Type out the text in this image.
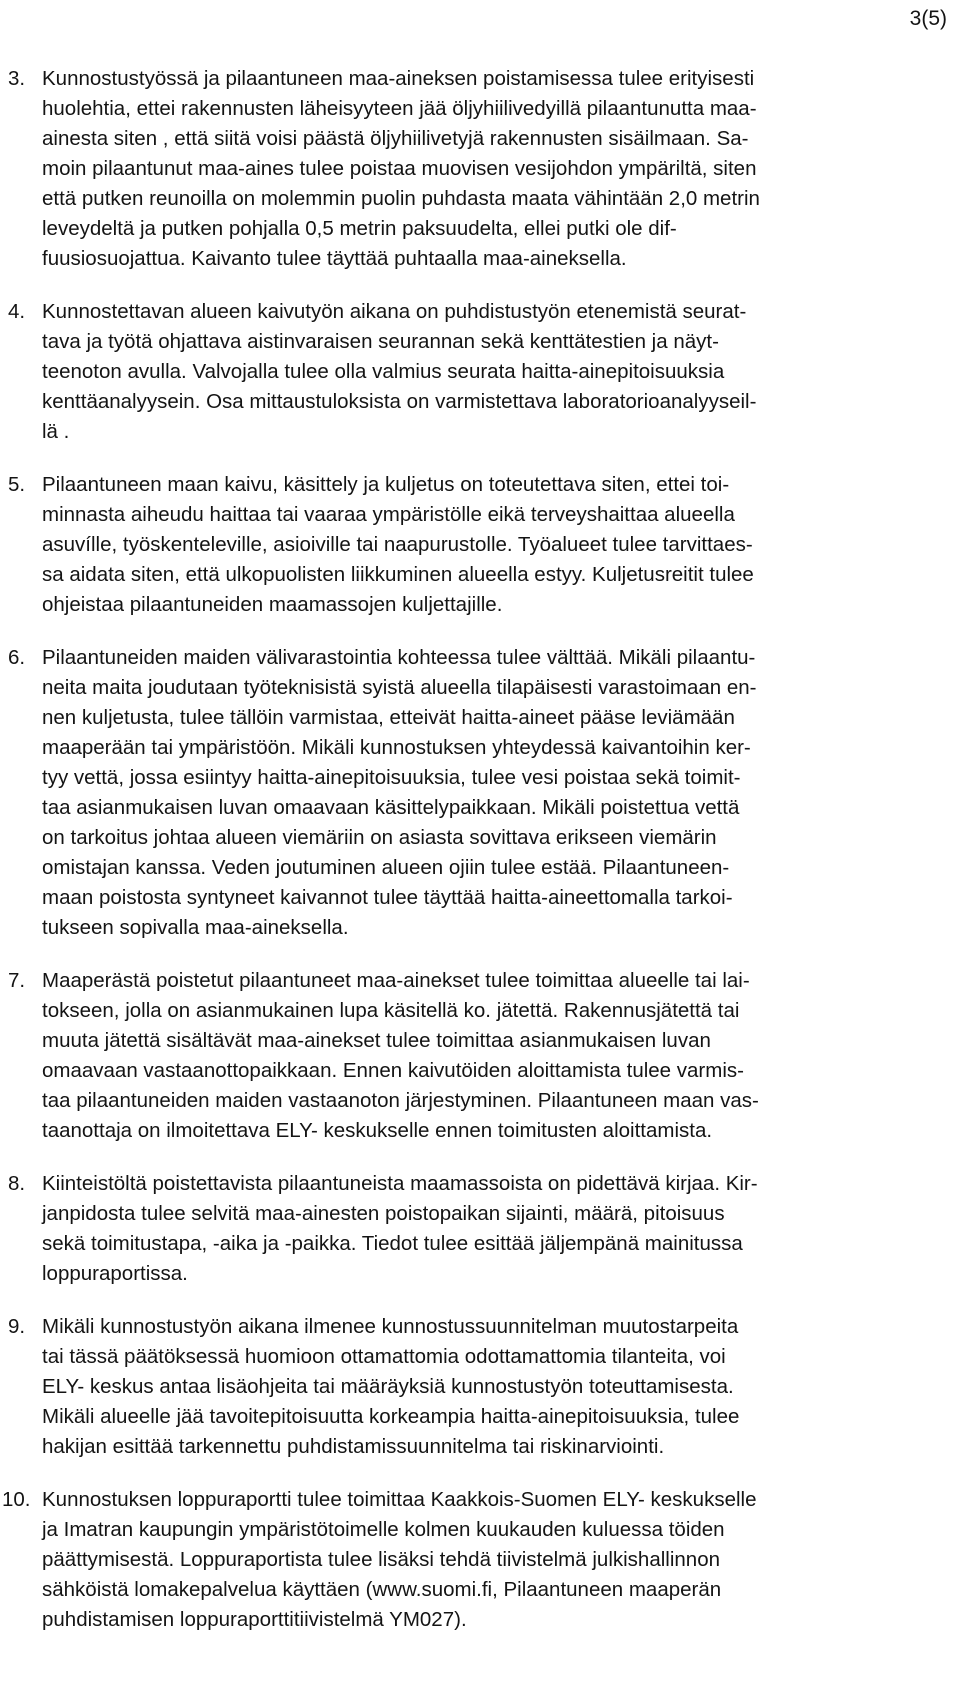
3(5)
3. Kunnostustyössä ja pilaantuneen maa-aineksen poistamisessa tulee erityisesti
huolehtia, ettei rakennusten läheisyyteen jää öljyhiilivedyillä pilaantunutta maa-
ainesta siten , että siitä voisi päästä öljyhiilivetyjä rakennusten sisäilmaan. Sa-
moin pilaantunut maa-aines tulee poistaa muovisen vesijohdon ympäriltä, siten
että putken reunoilla on molemmin puolin puhdasta maata vähintään 2,0 metrin
leveydeltä ja putken pohjalla 0,5 metrin paksuudelta, ellei putki ole dif-
fuusiosuojattua. Kaivanto tulee täyttää puhtaalla maa-aineksella.
4. Kunnostettavan alueen kaivutyön aikana on puhdistustyön etenemistä seurat-
tava ja työtä ohjattava aistinvaraisen seurannan sekä kenttätestien ja näyt-
teenoton avulla. Valvojalla tulee olla valmius seurata haitta-ainepitoisuuksia
kenttäanalyysein. Osa mittaustuloksista on varmistettava laboratorioanalyyseil-
lä .
5. Pilaantuneen maan kaivu, käsittely ja kuljetus on toteutettava siten, ettei toi-
minnasta aiheudu haittaa tai vaaraa ympäristölle eikä terveyshaittaa alueella
asuvílle, työskenteleville, asioiville tai naapurustolle. Työalueet tulee tarvittaes-
sa aidata siten, että ulkopuolisten liikkuminen alueella estyy. Kuljetusreitit tulee
ohjeistaa pilaantuneiden maamassojen kuljettajille.
6. Pilaantuneiden maiden välivarastointia kohteessa tulee välttää. Mikäli pilaantu-
neita maita joudutaan työteknisistä syistä alueella tilapäisesti varastoimaan en-
nen kuljetusta, tulee tällöin varmistaa, etteivät haitta-aineet pääse leviämään
maaperään tai ympäristöön. Mikäli kunnostuksen yhteydessä kaivantoihin ker-
tyy vettä, jossa esiintyy haitta-ainepitoisuuksia, tulee vesi poistaa sekä toimit-
taa asianmukaisen luvan omaavaan käsittelypaikkaan. Mikäli poistettua vettä
on tarkoitus johtaa alueen viemäriin on asiasta sovittava erikseen viemärin
omistajan kanssa. Veden joutuminen alueen ojiin tulee estää. Pilaantuneen-
maan poistosta syntyneet kaivannot tulee täyttää haitta-aineettomalla tarkoi-
tukseen sopivalla maa-aineksella.
7. Maaperästä poistetut pilaantuneet maa-ainekset tulee toimittaa alueelle tai lai-
tokseen, jolla on asianmukainen lupa käsitellä ko. jätettä. Rakennusjätettä tai
muuta jätettä sisältävät maa-ainekset tulee toimittaa asianmukaisen luvan
omaavaan vastaanottopaikkaan. Ennen kaivutöiden aloittamista tulee varmis-
taa pilaantuneiden maiden vastaanoton järjestyminen. Pilaantuneen maan vas-
taanottaja on ilmoitettava ELY- keskukselle ennen toimitusten aloittamista.
8. Kiinteistöltä poistettavista pilaantuneista maamassoista on pidettävä kirjaa. Kir-
janpidosta tulee selvitä maa-ainesten poistopaikan sijainti, määrä, pitoisuus
sekä toimitustapa, -aika ja -paikka. Tiedot tulee esittää jäljempänä mainitussa
loppuraportissa.
9. Mikäli kunnostustyön aikana ilmenee kunnostussuunnitelman muutostarpeita
tai tässä päätöksessä huomioon ottamattomia odottamattomia tilanteita, voi
ELY- keskus antaa lisäohjeita tai määräyksiä kunnostustyön toteuttamisesta.
Mikäli alueelle jää tavoitepitoisuutta korkeampia haitta-ainepitoisuuksia, tulee
hakijan esittää tarkennettu puhdistamissuunnitelma tai riskinarviointi.
10. Kunnostuksen loppuraportti tulee toimittaa Kaakkois-Suomen ELY- keskukselle
ja Imatran kaupungin ympäristötoimelle kolmen kuukauden kuluessa töiden
päättymisestä. Loppuraportista tulee lisäksi tehdä tiivistelmä julkishallinnon
sähköistä lomakepalvelua käyttäen (www.suomi.fi, Pilaantuneen maaperän
puhdistamisen loppuraporttitiivistelmä YM027).
